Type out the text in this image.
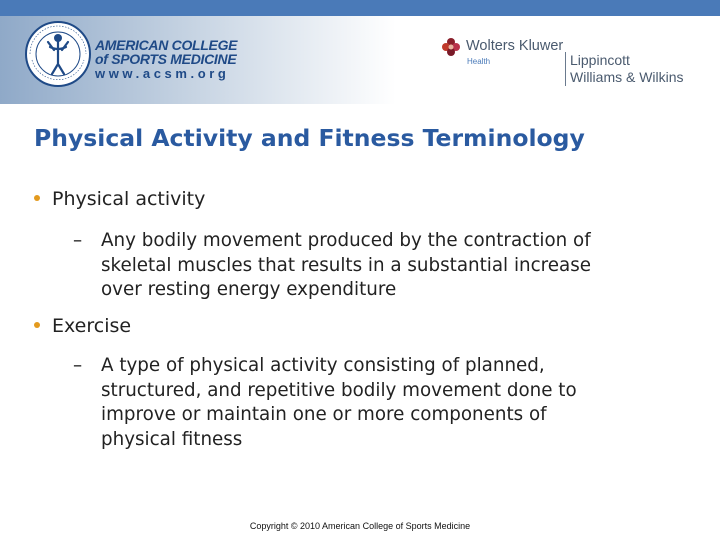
AMERICAN COLLEGE
of SPORTS MEDICINE
www.acsm.org
Wolters Kluwer
Health	Lippincott
Williams & Wilkins
Physical Activity and Fitness Terminology
Physical activity
– Any bodily movement produced by the contraction of
skeletal muscles that results in a substantial increase
over resting energy expenditure
Exercise
– A type of physical activity consisting of planned,
structured, and repetitive bodily movement done to
improve or maintain one or more components of
physical fitness
Copyright © 2010 American College of Sports Medicine
